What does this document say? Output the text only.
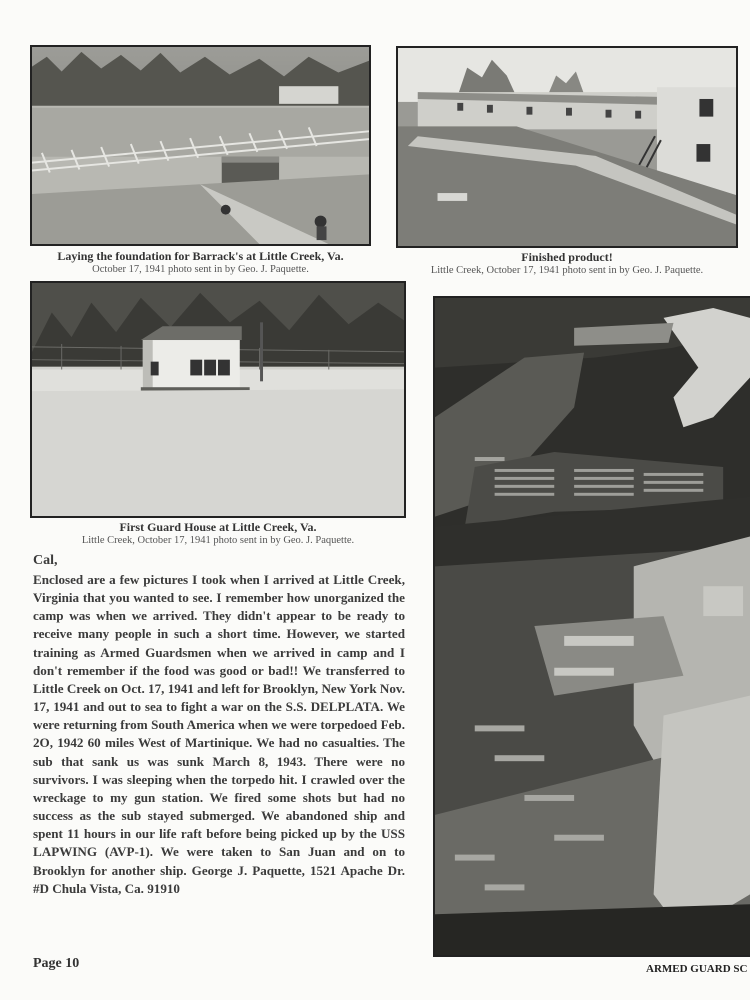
Laying the foundation for Barrack's at Little Creek, Va.
October 17, 1941 photo sent in by Geo. J. Paquette.
Finished product!
Little Creek, October 17, 1941 photo sent in by Geo. J. Paquette.
First Guard House at Little Creek, Va.
Little Creek, October 17, 1941 photo sent in by Geo. J. Paquette.
Cal,
Enclosed are a few pictures I took when I arrived at Little Creek, Virginia that you wanted to see. I remember how unorganized the camp was when we arrived. They didn't appear to be ready to receive many people in such a short time. However, we started training as Armed Guardsmen when we arrived in camp and I don't remember if the food was good or bad!! We transferred to Little Creek on Oct. 17, 1941 and left for Brooklyn, New York Nov. 17, 1941 and out to sea to fight a war on the S.S. DELPLATA. We were returning from South America when we were torpedoed Feb. 2O, 1942 60 miles West of Martinique. We had no casualties. The sub that sank us was sunk March 8, 1943. There were no survivors. I was sleeping when the torpedo hit. I crawled over the wreckage to my gun station. We fired some shots but had no success as the sub stayed submerged. We abandoned ship and spent 11 hours in our life raft before being picked up by the USS LAPWING (AVP-1). We were taken to San Juan and on to Brooklyn for another ship. George J. Paquette, 1521 Apache Dr. #D Chula Vista, Ca. 91910
Page 10	ARMED GUARD SC
